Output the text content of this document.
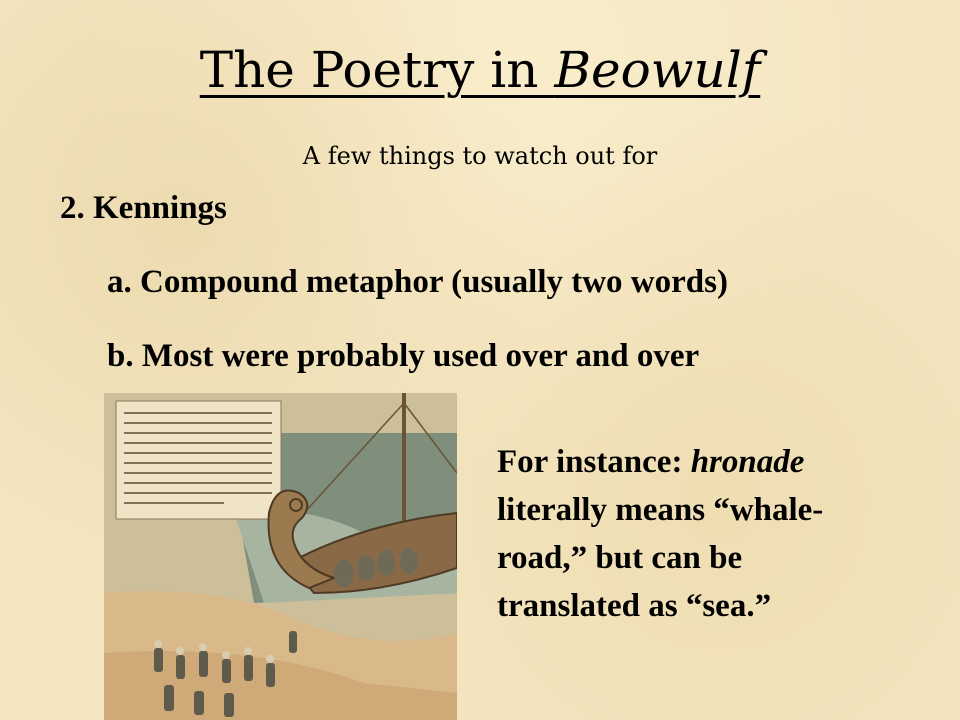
The Poetry in Beowulf
A few things to watch out for
2. Kennings
a. Compound metaphor (usually two words)
b. Most were probably used over and over
For instance: hronade
literally means “whale-
road,” but can be
translated as “sea.”
